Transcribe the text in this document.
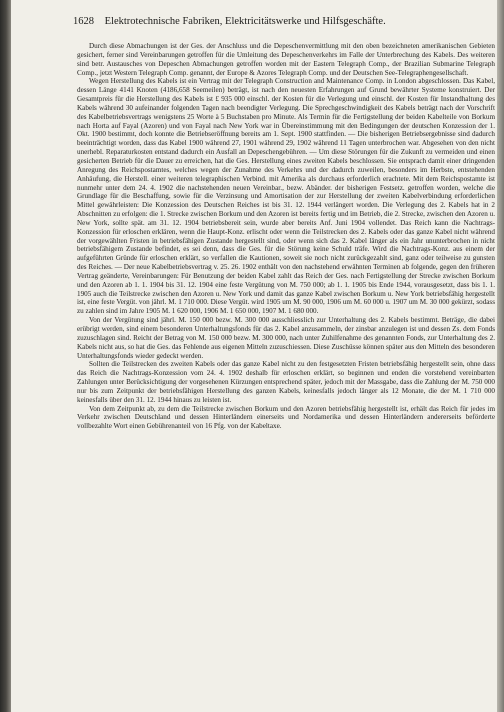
1628 Elektrotechnische Fabriken, Elektricitätswerke und Hilfsgeschäfte.

Durch diese Abmachungen ist der Ges. der Anschluss und die Depeschenvermittlung mit den oben bezeichneten amerikanischen Gebieten gesichert, ferner sind Vereinbarungen getroffen für die Umleitung des Depeschenverkehrs im Falle der Unterbrechung des Kabels. Des weiteren sind betr. Austausches von Depeschen Abmachungen getroffen worden mit der Eastern Telegraph Comp., der Brazilian Submarine Telegraph Comp., jetzt Western Telegraph Comp. genannt, der Europe & Azores Telegraph Comp. und der Deutschen See-Telegraphengesellschaft.

Wegen Herstellung des Kabels ist ein Vertrag mit der Telegraph Construction and Maintenance Comp. in London abgeschlossen. Das Kabel, dessen Länge 4141 Knoten (4186,658 Seemeilen) beträgt, ist nach den neuesten Erfahrungen auf Grund bewährter Systeme konstruiert. Der Gesamtpreis für die Herstellung des Kabels ist £ 935 000 einschl. der Kosten für die Verlegung und einschl. der Kosten für Instandhaltung des Kabels während 30 aufeinander folgenden Tagen nach beendigter Verlegung. Die Sprechgeschwindigkeit des Kabels beträgt nach der Vorschrift des Kabelbetriebsvertrags wenigstens 25 Worte à 5 Buchstaben pro Minute. Als Termin für die Fertigstellung der beiden Kabelteile von Borkum nach Horta auf Fayal (Azoren) und von Fayal nach New York war in Übereinstimmung mit den Bedingungen der deutschen Konzession der 1. Okt. 1900 bestimmt, doch konnte die Betriebseröffnung bereits am 1. Sept. 1900 stattfinden. — Die bisherigen Betriebsergebnisse sind dadurch beeinträchtigt worden, dass das Kabel 1900 während 27, 1901 während 29, 1902 während 11 Tagen unterbrochen war. Abgesehen von den nicht unerhebl. Reparaturkosten entstand dadurch ein Ausfall an Depeschengebühren. — Um diese Störungen für die Zukunft zu vermeiden und einen gesicherten Betrieb für die Dauer zu erreichen, hat die Ges. Herstellung eines zweiten Kabels beschlossen. Sie entsprach damit einer dringenden Anregung des Reichspostamtes, welches wegen der Zunahme des Verkehrs und der dadurch zuweilen, besonders im Herbste, entstehenden Anhäufung, die Herstell. einer weiteren telegraphischen Verbind. mit Amerika als durchaus erforderlich erachtete. Mit dem Reichspostamte ist nunmehr unter dem 24. 4. 1902 die nachstehenden neuen Vereinbar., bezw. Abänder. der bisherigen Festsetz. getroffen worden, welche die Grundlage für die Beschaffung, sowie für die Verzinsung und Amortisation der zur Herstellung der zweiten Kabelverbindung erforderlichen Mittel gewährleisten: Die Konzession des Deutschen Reiches ist bis 31. 12. 1944 verlängert worden. Die Verlegung des 2. Kabels hat in 2 Abschnitten zu erfolgen: die 1. Strecke zwischen Borkum und den Azoren ist bereits fertig und im Betrieb, die 2. Strecke, zwischen den Azoren u. New York, sollte spät. am 31. 12. 1904 betriebsbereit sein, wurde aber bereits Anf. Juni 1904 vollendet. Das Reich kann die Nachtrags-Konzession für erloschen erklären, wenn die Haupt-Konz. erlischt oder wenn die Teilstrecken des 2. Kabels oder das ganze Kabel nicht während der vorgewählten Fristen in betriebsfähigen Zustande hergestellt sind, oder wenn sich das 2. Kabel länger als ein Jahr ununterbrochen in nicht betriebsfähigem Zustande befindet, es sei denn, dass die Ges. für die Störung keine Schuld träfe. Wird die Nachtrags-Konz. aus einem der aufgeführten Gründe für erloschen erklärt, so verfallen die Kautionen, soweit sie noch nicht zurückgezahlt sind, ganz oder teilweise zu gunsten des Reiches. — Der neue Kabelbetriebsvertrag v. 25. 26. 1902 enthält von den nachstehend erwähnten Terminen ab folgende, gegen den früheren Vertrag geänderte, Vereinbarungen: Für Benutzung der beiden Kabel zahlt das Reich der Ges. nach Fertigstellung der Strecke zwischen Borkum und den Azoren ab 1. 1. 1904 bis 31. 12. 1904 eine feste Vergütung von M. 750 000; ab 1. 1. 1905 bis Ende 1944, vorausgesetzt, dass bis 1. 1. 1905 auch die Teilstrecke zwischen den Azoren u. New York und damit das ganze Kabel zwischen Borkum u. New York betriebsfähig hergestellt ist, eine feste Vergüt. von jährl. M. 1 710 000. Diese Vergüt. wird 1905 um M. 90 000, 1906 um M. 60 000 u. 1907 um M. 30 000 gekürzt, sodass zu zahlen sind im Jahre 1905 M. 1 620 000, 1906 M. 1 650 000, 1907 M. 1 680 000.

Von der Vergütung sind jährl. M. 150 000 bezw. M. 300 000 ausschliesslich zur Unterhaltung des 2. Kabels bestimmt. Beträge, die dabei erübrigt werden, sind einem besonderen Unterhaltungsfonds für das 2. Kabel anzusammeln, der zinsbar anzulegen ist und dessen Zs. dem Fonds zuzuschlagen sind. Reicht der Betrag von M. 150 000 bezw. M. 300 000, nach unter Zuhilfenahme des genannten Fonds, zur Unterhaltung des 2. Kabels nicht aus, so hat die Ges. das Fehlende aus eigenen Mitteln zuzuschiessen. Diese Zuschüsse können später aus den Mitteln des besonderen Unterhaltungsfonds wieder gedeckt werden.

Sollten die Teilstrecken des zweiten Kabels oder das ganze Kabel nicht zu den festgesetzten Fristen betriebsfähig hergestellt sein, ohne dass das Reich die Nachtrags-Konzession vom 24. 4. 1902 deshalb für erloschen erklärt, so beginnen und enden die vorstehend vereinbarten Zahlungen unter Berücksichtigung der vorgesehenen Kürzungen entsprechend später, jedoch mit der Massgabe, dass die Zahlung der M. 750 000 nur bis zum Zeitpunkt der betriebsfähigen Herstellung des ganzen Kabels, keinesfalls jedoch länger als 12 Monate, die der M. 1 710 000 keinesfalls über den 31. 12. 1944 hinaus zu leisten ist.

Von dem Zeitpunkt ab, zu dem die Teilstrecke zwischen Borkum und den Azoren betriebsfähig hergestellt ist, erhält das Reich für jedes im Verkehr zwischen Deutschland und dessen Hinterländern einerseits und Nordamerika und dessen Hinterländern andererseits beförderte vollbezahlte Wort einen Gebührenanteil von 16 Pfg. von der Kabeltaxe.
